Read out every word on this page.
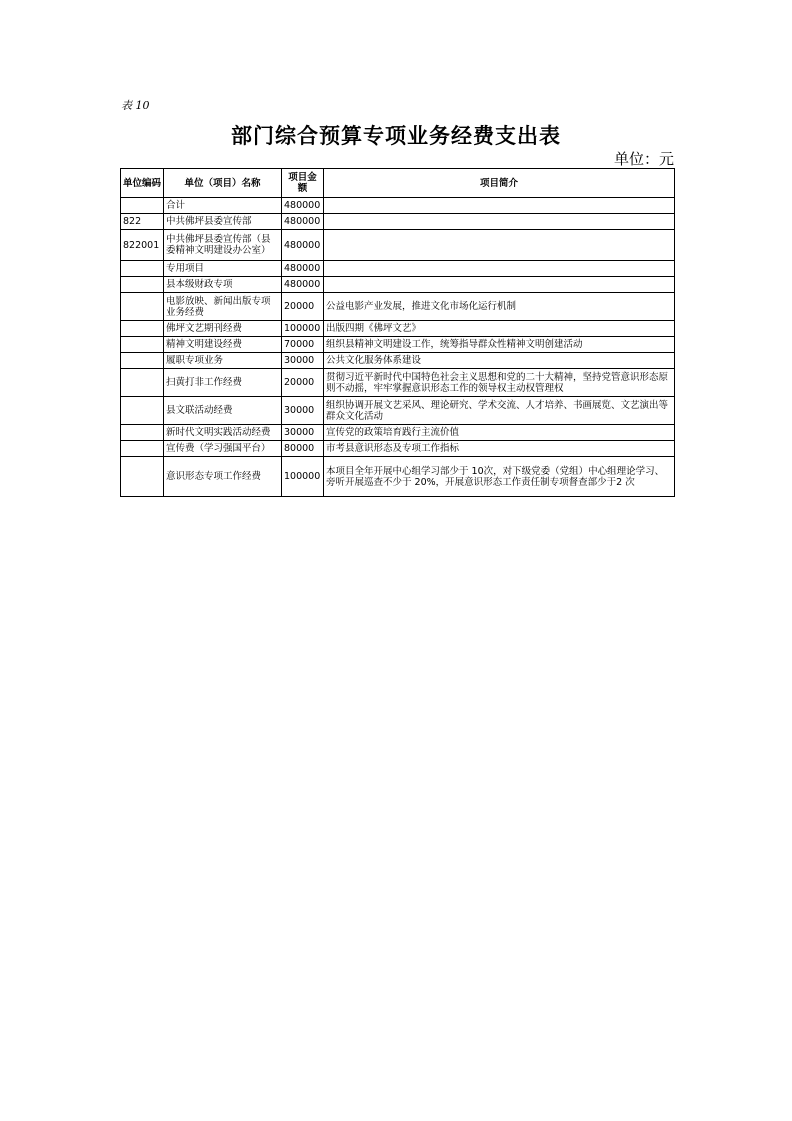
表 10
部门综合预算专项业务经费支出表
单位：元
单位编码	单位（项目）名称	项目金额	项目简介
	合计	480000	
822	中共佛坪县委宣传部	480000	
822001	中共佛坪县委宣传部（县委精神文明建设办公室）	480000	
	专用项目	480000	
	县本级财政专项	480000	
	电影放映、新闻出版专项业务经费	20000	公益电影产业发展，推进文化市场化运行机制
	佛坪文艺期刊经费	100000	出版四期《佛坪文艺》
	精神文明建设经费	70000	组织县精神文明建设工作，统筹指导群众性精神文明创建活动
	履职专项业务	30000	公共文化服务体系建设
	扫黄打非工作经费	20000	贯彻习近平新时代中国特色社会主义思想和党的二十大精神，坚持党管意识形态原则不动摇，牢牢掌握意识形态工作的领导权主动权管理权
	县文联活动经费	30000	组织协调开展文艺采风、理论研究、学术交流、人才培养、书画展览、文艺演出等群众文化活动
	新时代文明实践活动经费	30000	宣传党的政策培育践行主流价值
	宣传费（学习强国平台）	80000	市考县意识形态及专项工作指标
	意识形态专项工作经费	100000	本项目全年开展中心组学习部少于 10次，对下级党委（党组）中心组理论学习、旁听开展巡查不少于 20%，开展意识形态工作责任制专项督查部少于2 次
